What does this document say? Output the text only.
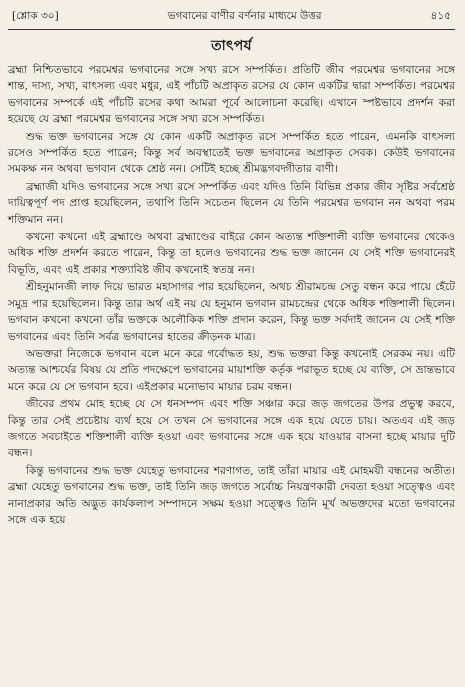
[শ্লোক ৩০]	ভগবানের বাণীর বর্ণনার মাধ্যমে উত্তর	৪১৫
তাৎপর্য

ব্রহ্মা নিশ্চিতভাবে পরমেশ্বর ভগবানের সঙ্গে সখ্য রসে সম্পর্কিত। প্রতিটি জীব পরমেশ্বর ভগবানের সঙ্গে শান্ত, দাস্য, সখ্য, বাৎসল্য এবং মধুর, এই পাঁচটি অপ্রাকৃত রসের যে কোন একটির দ্বারা সম্পর্কিত। পরমেশ্বর ভগবানের সম্পর্কে এই পাঁচটি রসের কথা আমরা পূর্বে আলোচনা করেছি। এখানে স্পষ্টভাবে প্রদর্শন করা হয়েছে যে ব্রহ্মা পরমেশ্বর ভগবানের সঙ্গে সখ্য রসে সম্পর্কিত।

শুদ্ধ ভক্ত ভগবানের সঙ্গে যে কোন একটি অপ্রাকৃত রসে সম্পর্কিত হতে পারেন, এমনকি বাৎসল্য রসেও সম্পর্কিত হতে পারেন; কিন্তু সর্ব অবস্থাতেই ভক্ত ভগবানের অপ্রাকৃত সেবক। কেউই ভগবানের সমকক্ষ নন অথবা ভগবান থেকে শ্রেষ্ঠ নন। সেটিই হচ্ছে শ্রীমদ্ভগবদ্গীতার বাণী।

ব্রহ্মাজী যদিও ভগবানের সঙ্গে সখ্য রসে সম্পর্কিত এবং যদিও তিনি বিভিন্ন প্রকার জীব সৃষ্টির সর্বশ্রেষ্ঠ দায়িত্বপূর্ণ পদ প্রাপ্ত হয়েছিলেন, তথাপি তিনি সচেতন ছিলেন যে তিনি পরমেশ্বর ভগবান নন অথবা পরম শক্তিমান নন।

কখনো কখনো এই ব্রহ্মাণ্ডে অথবা ব্রহ্মাণ্ডের বাইরে কোন অত্যন্ত শক্তিশালী ব্যক্তি ভগবানের থেকেও অধিক শক্তি প্রদর্শন করতে পারেন, কিন্তু তা হলেও ভগবানের শুদ্ধ ভক্ত জানেন যে সেই শক্তি ভগবানেরই বিভূতি, এবং এই প্রকার শক্ত্যাবিষ্ট জীব কখনোই স্বতন্ত্র নন।

শ্রীহনুমানজী লাফ দিয়ে ভারত মহাসাগর পার হয়েছিলেন, অথচ শ্রীরামচন্দ্র সেতু বন্ধন করে পায়ে হেঁটে সমুদ্র পার হয়েছিলেন। কিন্তু তার অর্থ এই নয় যে হনুমান ভগবান রামচন্দ্রের থেকে অধিক শক্তিশালী ছিলেন। ভগবান কখনো কখনো তাঁর ভক্তকে অলৌকিক শক্তি প্রদান করেন, কিন্তু ভক্ত সর্বদাই জানেন যে সেই শক্তি ভগবানের এবং তিনি সর্বত্র ভগবানের হাতের ক্রীড়নক মাত্র।

অভক্তরা নিজেকে ভগবান বলে মনে করে গর্বোদ্ধত হয়, শুদ্ধ ভক্তরা কিন্তু কখনোই সেরকম নয়। এটি অত্যন্ত আশ্চর্যের বিষয় যে প্রতি পদক্ষেপে ভগবানের মায়াশক্তি কর্তৃক পরাভূত হচ্ছে যে ব্যক্তি, সে ভ্রান্তভাবে মনে করে যে সে ভগবান হবে। এইপ্রকার মনোভাব মায়ার চরম বন্ধন।

জীবের প্রথম মোহ হচ্ছে যে সে ধনসম্পদ এবং শক্তি সঞ্চার করে জড় জগতের উপর প্রভুত্ব করবে, কিন্তু তার সেই প্রচেষ্টায় ব্যর্থ হয়ে সে তখন সে ভগবানের সঙ্গে এক হয়ে যেতে চায়। অতএব এই জড় জগতে সবচাইতে শক্তিশালী ব্যক্তি হওয়া এবং ভগবানের সঙ্গে এক হয়ে যাওয়ার বাসনা হচ্ছে মায়ার দুটি বন্ধন।

কিন্তু ভগবানের শুদ্ধ ভক্ত যেহেতু ভগবানের শরণাগত, তাই তাঁরা মায়ার এই মোহময়ী বন্ধনের অতীত। ব্রহ্মা যেহেতু ভগবানের শুদ্ধ ভক্ত, তাই তিনি জড় জগতে সর্বোচ্চ নিয়ন্ত্রণকারী দেবতা হওয়া সত্ত্বেও এবং নানাপ্রকার অতি অদ্ভুত কার্যকলাপ সম্পাদনে সক্ষম হওয়া সত্ত্বেও তিনি মূর্খ অভক্তদের মতো ভগবানের সঙ্গে এক হয়ে
